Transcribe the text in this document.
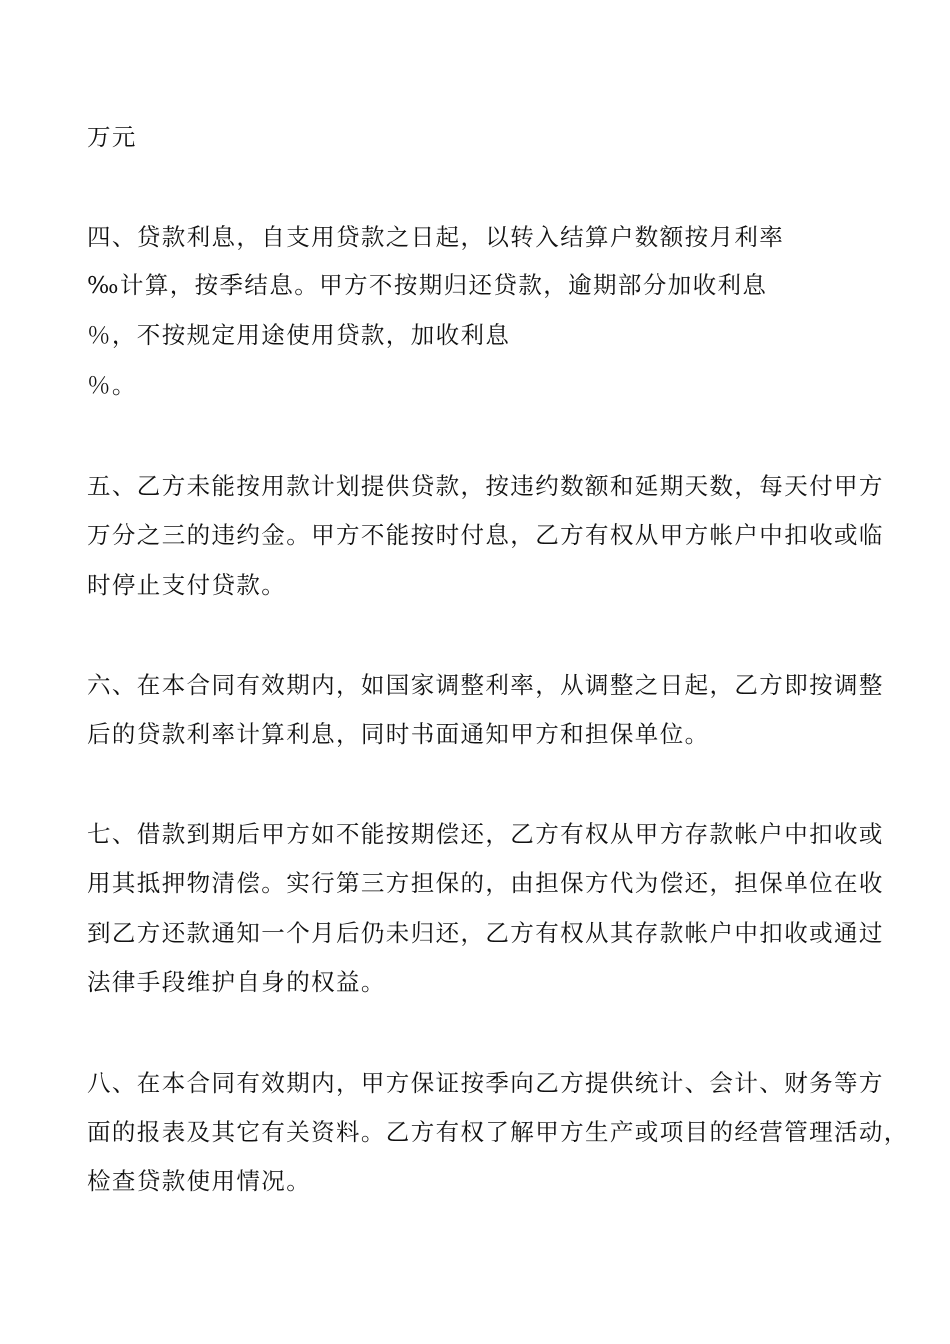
万元
四、贷款利息，自支用贷款之日起，以转入结算户数额按月利率
‰计算，按季结息。甲方不按期归还贷款，逾期部分加收利息
％，不按规定用途使用贷款，加收利息
％。
五、乙方未能按用款计划提供贷款，按违约数额和延期天数，每天付甲方
万分之三的违约金。甲方不能按时付息，乙方有权从甲方帐户中扣收或临
时停止支付贷款。
六、在本合同有效期内，如国家调整利率，从调整之日起，乙方即按调整
后的贷款利率计算利息，同时书面通知甲方和担保单位。
七、借款到期后甲方如不能按期偿还，乙方有权从甲方存款帐户中扣收或
用其抵押物清偿。实行第三方担保的，由担保方代为偿还，担保单位在收
到乙方还款通知一个月后仍未归还，乙方有权从其存款帐户中扣收或通过
法律手段维护自身的权益。
八、在本合同有效期内，甲方保证按季向乙方提供统计、会计、财务等方
面的报表及其它有关资料。乙方有权了解甲方生产或项目的经营管理活动，
检查贷款使用情况。
